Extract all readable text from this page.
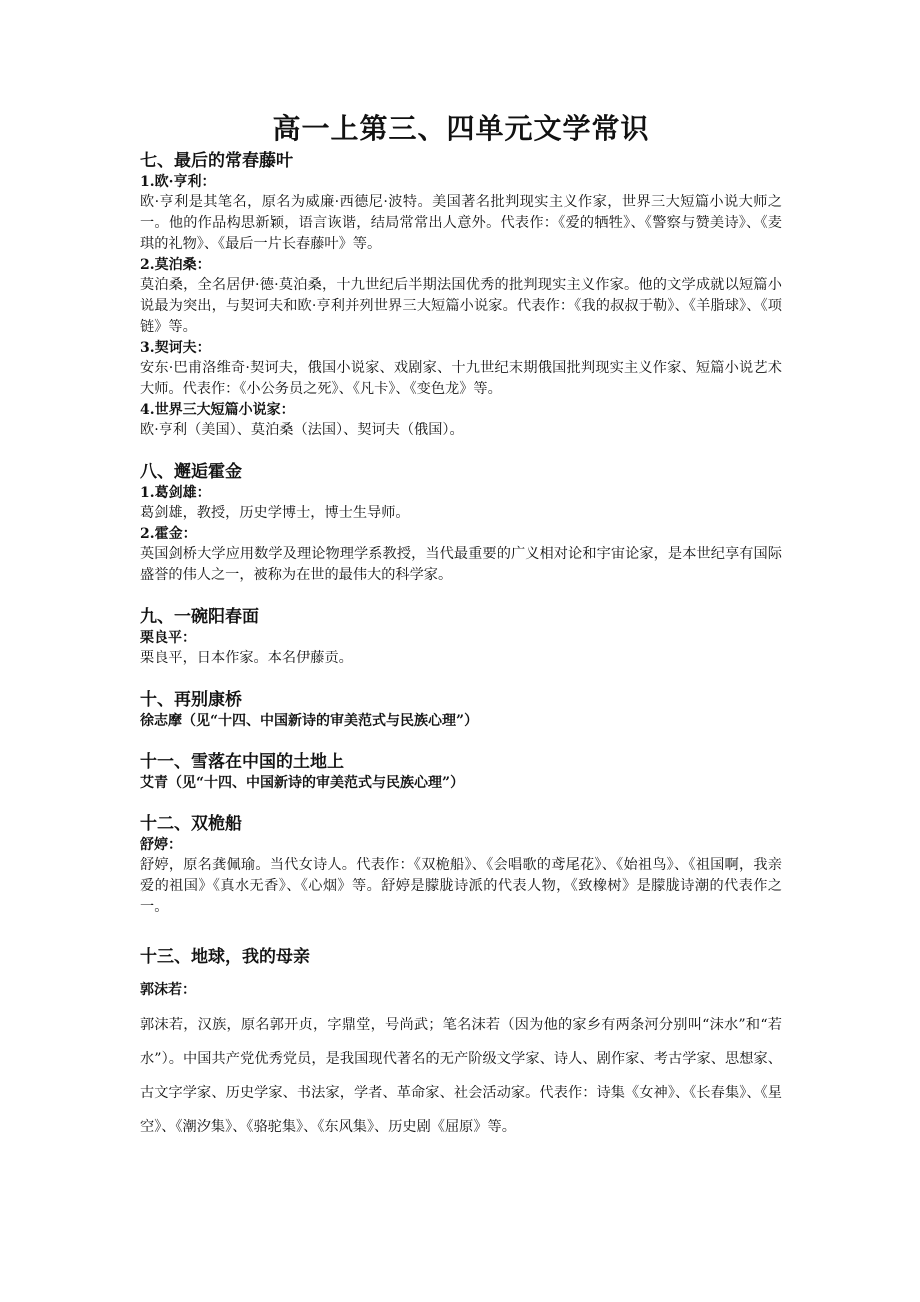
高一上第三、四单元文学常识

七、最后的常春藤叶

1.欧·亨利：

欧·亨利是其笔名，原名为威廉·西德尼·波特。美国著名批判现实主义作家，世界三大短篇小说大师之一。他的作品构思新颖，语言诙谐，结局常常出人意外。代表作：《爱的牺牲》、《警察与赞美诗》、《麦琪的礼物》、《最后一片长春藤叶》等。

2.莫泊桑：

莫泊桑，全名居伊·德·莫泊桑，十九世纪后半期法国优秀的批判现实主义作家。他的文学成就以短篇小说最为突出，与契诃夫和欧·亨利并列世界三大短篇小说家。代表作：《我的叔叔于勒》、《羊脂球》、《项链》等。

3.契诃夫：

安东·巴甫洛维奇·契诃夫，俄国小说家、戏剧家、十九世纪末期俄国批判现实主义作家、短篇小说艺术大师。代表作：《小公务员之死》、《凡卡》、《变色龙》等。

4.世界三大短篇小说家：

欧·亨利（美国）、莫泊桑（法国）、契诃夫（俄国）。

八、邂逅霍金

1.葛剑雄：

葛剑雄，教授，历史学博士，博士生导师。

2.霍金：

英国剑桥大学应用数学及理论物理学系教授，当代最重要的广义相对论和宇宙论家，是本世纪享有国际盛誉的伟人之一，被称为在世的最伟大的科学家。

九、一碗阳春面

栗良平：

栗良平，日本作家。本名伊藤贡。

十、再别康桥

徐志摩（见“十四、中国新诗的审美范式与民族心理”）

十一、雪落在中国的土地上

艾青（见“十四、中国新诗的审美范式与民族心理”）

十二、双桅船

舒婷：

舒婷，原名龚佩瑜。当代女诗人。代表作：《双桅船》、《会唱歌的鸢尾花》、《始祖鸟》、《祖国啊，我亲爱的祖国》《真水无香》、《心烟》等。舒婷是朦胧诗派的代表人物，《致橡树》是朦胧诗潮的代表作之一。

十三、地球，我的母亲

郭沫若：

郭沫若，汉族，原名郭开贞，字鼎堂，号尚武；笔名沫若（因为他的家乡有两条河分别叫“沫水”和“若水”）。中国共产党优秀党员，是我国现代著名的无产阶级文学家、诗人、剧作家、考古学家、思想家、古文字学家、历史学家、书法家，学者、革命家、社会活动家。代表作：诗集《女神》、《长春集》、《星空》、《潮汐集》、《骆驼集》、《东风集》、历史剧《屈原》等。
